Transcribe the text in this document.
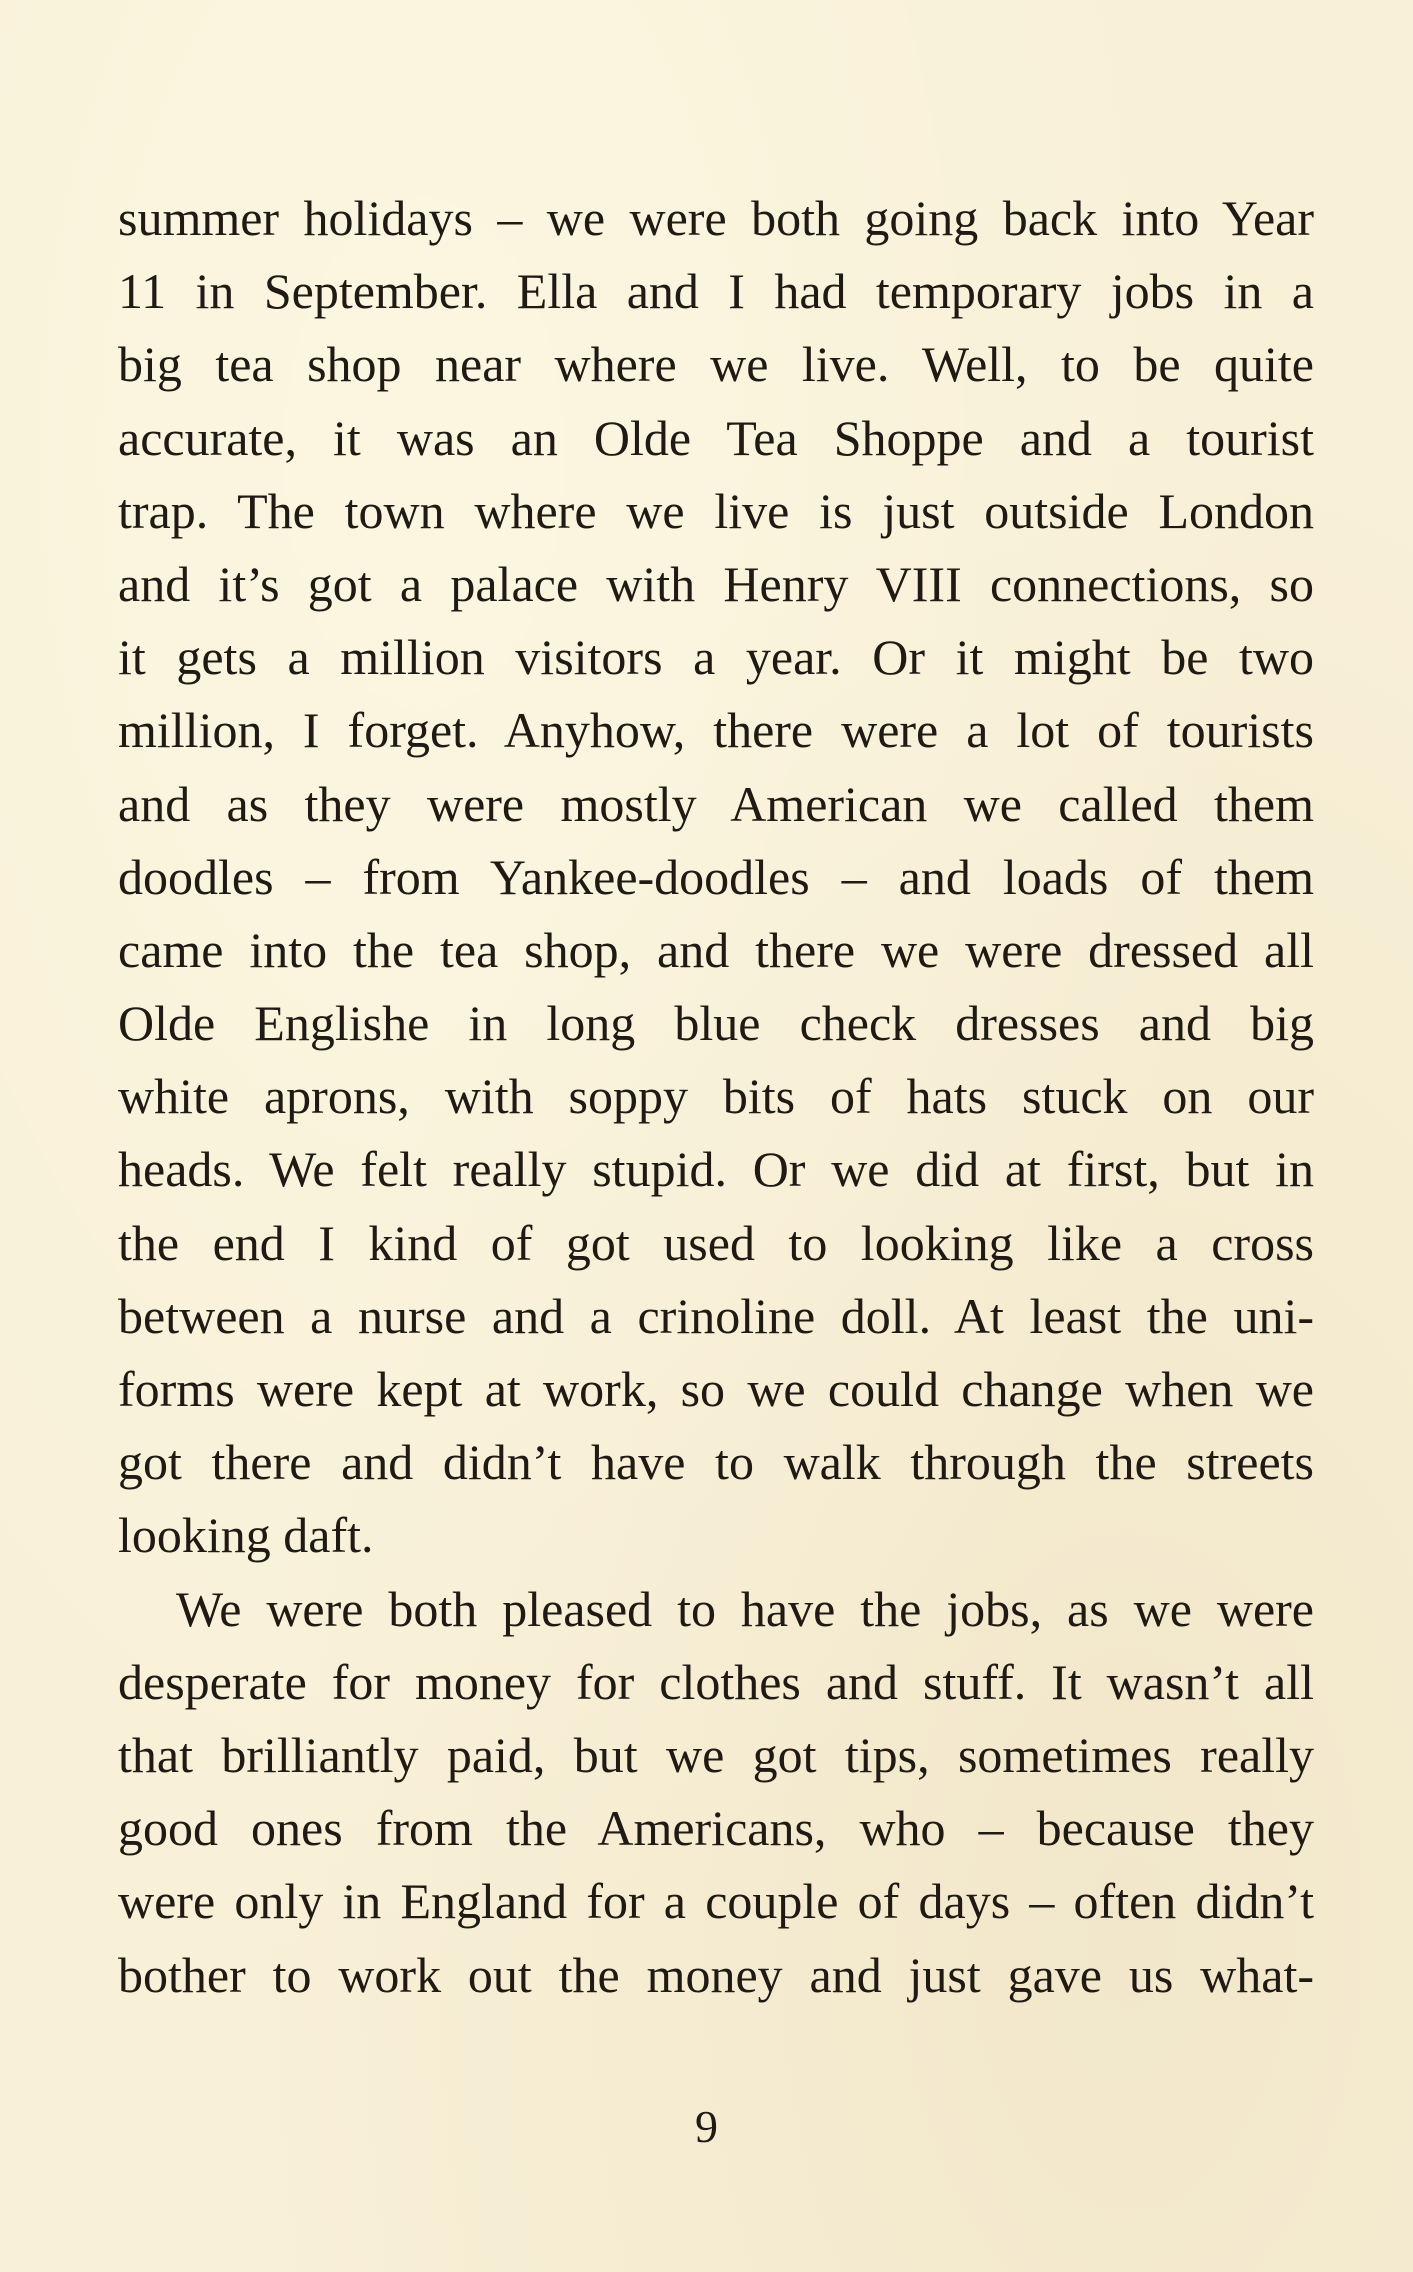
summer holidays – we were both going back into Year
11 in September. Ella and I had temporary jobs in a
big tea shop near where we live. Well, to be quite
accurate, it was an Olde Tea Shoppe and a tourist
trap. The town where we live is just outside London
and it’s got a palace with Henry VIII connections, so
it gets a million visitors a year. Or it might be two
million, I forget. Anyhow, there were a lot of tourists
and as they were mostly American we called them
doodles – from Yankee-doodles – and loads of them
came into the tea shop, and there we were dressed all
Olde Englishe in long blue check dresses and big
white aprons, with soppy bits of hats stuck on our
heads. We felt really stupid. Or we did at first, but in
the end I kind of got used to looking like a cross
between a nurse and a crinoline doll. At least the uni-
forms were kept at work, so we could change when we
got there and didn’t have to walk through the streets
looking daft.
We were both pleased to have the jobs, as we were
desperate for money for clothes and stuff. It wasn’t all
that brilliantly paid, but we got tips, sometimes really
good ones from the Americans, who – because they
were only in England for a couple of days – often didn’t
bother to work out the money and just gave us what-
9
